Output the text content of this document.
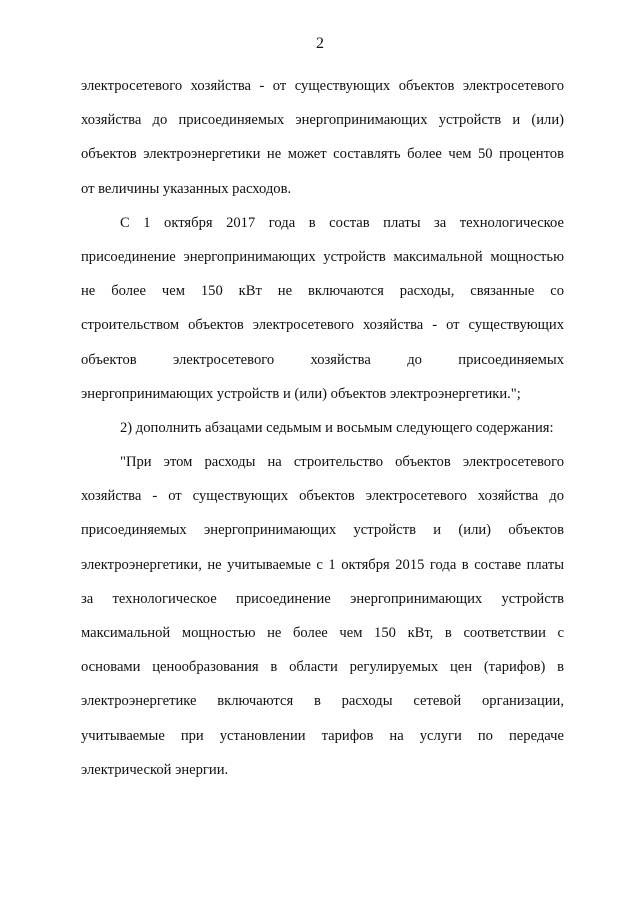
2
электросетевого хозяйства - от существующих объектов электросетевого
хозяйства до присоединяемых энергопринимающих устройств и (или)
объектов электроэнергетики не может составлять более чем 50 процентов
от величины указанных расходов.
С 1 октября 2017 года в состав платы за технологическое
присоединение энергопринимающих устройств максимальной мощностью
не более чем 150 кВт не включаются расходы, связанные со
строительством объектов электросетевого хозяйства - от существующих
объектов электросетевого хозяйства до присоединяемых
энергопринимающих устройств и (или) объектов электроэнергетики.";
2) дополнить абзацами седьмым и восьмым следующего содержания:
"При этом расходы на строительство объектов электросетевого
хозяйства - от существующих объектов электросетевого хозяйства до
присоединяемых энергопринимающих устройств и (или) объектов
электроэнергетики, не учитываемые с 1 октября 2015 года в составе платы
за технологическое присоединение энергопринимающих устройств
максимальной мощностью не более чем 150 кВт, в соответствии с
основами ценообразования в области регулируемых цен (тарифов) в
электроэнергетике включаются в расходы сетевой организации,
учитываемые при установлении тарифов на услуги по передаче
электрической энергии.
